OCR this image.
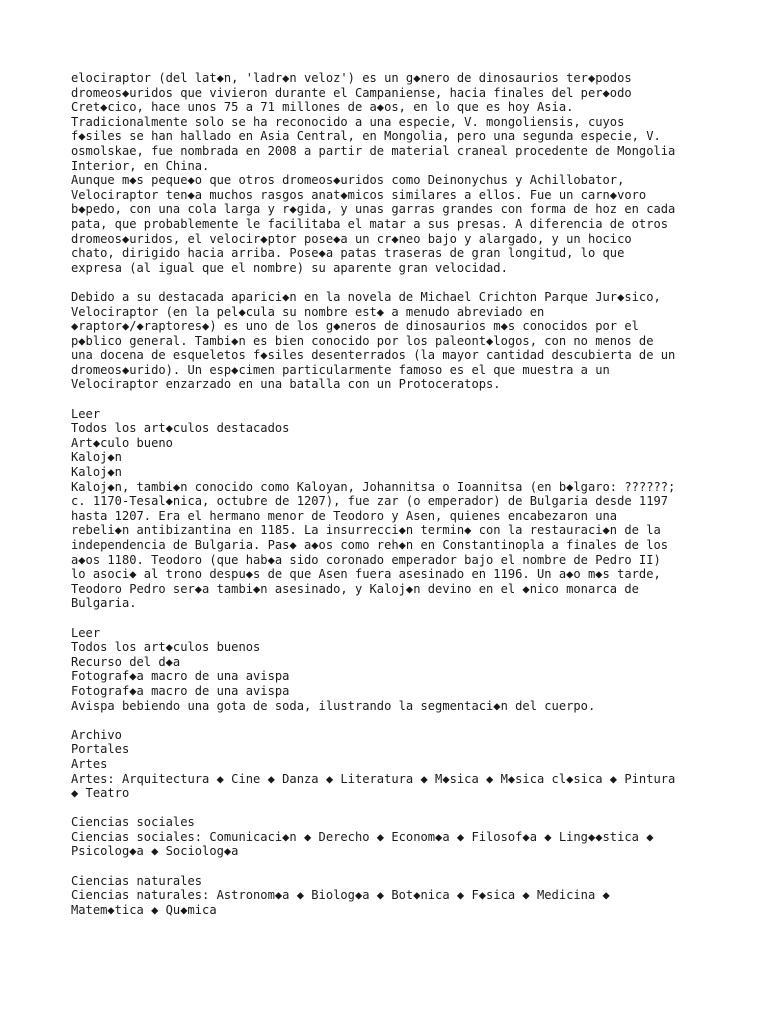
elociraptor (del lat◆n, 'ladr◆n veloz') es un g◆nero de dinosaurios ter◆podos
dromeos◆uridos que vivieron durante el Campaniense, hacia finales del per◆odo
Cret◆cico, hace unos 75 a 71 millones de a◆os, en lo que es hoy Asia.
Tradicionalmente solo se ha reconocido a una especie, V. mongoliensis, cuyos
f◆siles se han hallado en Asia Central, en Mongolia, pero una segunda especie, V.
osmolskae, fue nombrada en 2008 a partir de material craneal procedente de Mongolia
Interior, en China.
Aunque m◆s peque◆o que otros dromeos◆uridos como Deinonychus y Achillobator,
Velociraptor ten◆a muchos rasgos anat◆micos similares a ellos. Fue un carn◆voro
b◆pedo, con una cola larga y r◆gida, y unas garras grandes con forma de hoz en cada
pata, que probablemente le facilitaba el matar a sus presas. A diferencia de otros
dromeos◆uridos, el velocir◆ptor pose◆a un cr◆neo bajo y alargado, y un hocico
chato, dirigido hacia arriba. Pose◆a patas traseras de gran longitud, lo que
expresa (al igual que el nombre) su aparente gran velocidad.
Debido a su destacada aparici◆n en la novela de Michael Crichton Parque Jur◆sico,
Velociraptor (en la pel◆cula su nombre est◆ a menudo abreviado en
◆raptor◆/◆raptores◆) es uno de los g◆neros de dinosaurios m◆s conocidos por el
p◆blico general. Tambi◆n es bien conocido por los paleont◆logos, con no menos de
una docena de esqueletos f◆siles desenterrados (la mayor cantidad descubierta de un
dromeos◆urido). Un esp◆cimen particularmente famoso es el que muestra a un
Velociraptor enzarzado en una batalla con un Protoceratops.
Leer
Todos los art◆culos destacados
Art◆culo bueno
Kaloj◆n
Kaloj◆n
Kaloj◆n, tambi◆n conocido como Kaloyan, Johannitsa o Ioannitsa (en b◆lgaro: ??????;
c. 1170-Tesal◆nica, octubre de 1207), fue zar (o emperador) de Bulgaria desde 1197
hasta 1207. Era el hermano menor de Teodoro y Asen, quienes encabezaron una
rebeli◆n antibizantina en 1185. La insurrecci◆n termin◆ con la restauraci◆n de la
independencia de Bulgaria. Pas◆ a◆os como reh◆n en Constantinopla a finales de los
a◆os 1180. Teodoro (que hab◆a sido coronado emperador bajo el nombre de Pedro II)
lo asoci◆ al trono despu◆s de que Asen fuera asesinado en 1196. Un a◆o m◆s tarde,
Teodoro Pedro ser◆a tambi◆n asesinado, y Kaloj◆n devino en el ◆nico monarca de
Bulgaria.
Leer
Todos los art◆culos buenos
Recurso del d◆a
Fotograf◆a macro de una avispa
Fotograf◆a macro de una avispa
Avispa bebiendo una gota de soda, ilustrando la segmentaci◆n del cuerpo.
Archivo
Portales
Artes
Artes: Arquitectura ◆ Cine ◆ Danza ◆ Literatura ◆ M◆sica ◆ M◆sica cl◆sica ◆ Pintura
◆ Teatro
Ciencias sociales
Ciencias sociales: Comunicaci◆n ◆ Derecho ◆ Econom◆a ◆ Filosof◆a ◆ Ling◆◆stica ◆
Psicolog◆a ◆ Sociolog◆a
Ciencias naturales
Ciencias naturales: Astronom◆a ◆ Biolog◆a ◆ Bot◆nica ◆ F◆sica ◆ Medicina ◆
Matem◆tica ◆ Qu◆mica
